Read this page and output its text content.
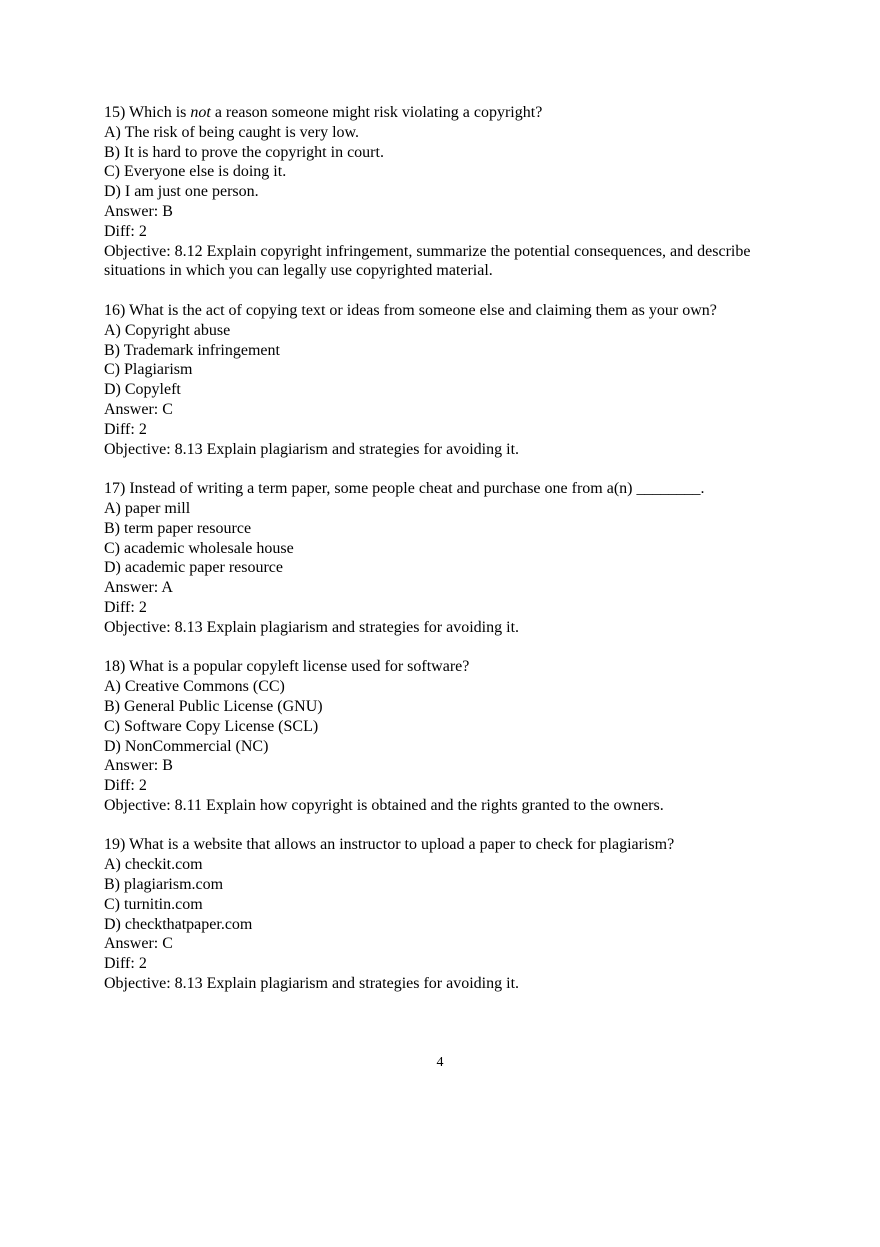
15) Which is not a reason someone might risk violating a copyright?

A) The risk of being caught is very low.

B) It is hard to prove the copyright in court.

C) Everyone else is doing it.

D) I am just one person.

Answer: B

Diff: 2

Objective: 8.12 Explain copyright infringement, summarize the potential consequences, and describe situations in which you can legally use copyrighted material.

16) What is the act of copying text or ideas from someone else and claiming them as your own?

A) Copyright abuse

B) Trademark infringement

C) Plagiarism

D) Copyleft

Answer: C

Diff: 2

Objective: 8.13 Explain plagiarism and strategies for avoiding it.

17) Instead of writing a term paper, some people cheat and purchase one from a(n) ________.

A) paper mill

B) term paper resource

C) academic wholesale house

D) academic paper resource

Answer: A

Diff: 2

Objective: 8.13 Explain plagiarism and strategies for avoiding it.

18) What is a popular copyleft license used for software?

A) Creative Commons (CC)

B) General Public License (GNU)

C) Software Copy License (SCL)

D) NonCommercial (NC)

Answer: B

Diff: 2

Objective: 8.11 Explain how copyright is obtained and the rights granted to the owners.

19) What is a website that allows an instructor to upload a paper to check for plagiarism?

A) checkit.com

B) plagiarism.com

C) turnitin.com

D) checkthatpaper.com

Answer: C

Diff: 2

Objective: 8.13 Explain plagiarism and strategies for avoiding it.

4
